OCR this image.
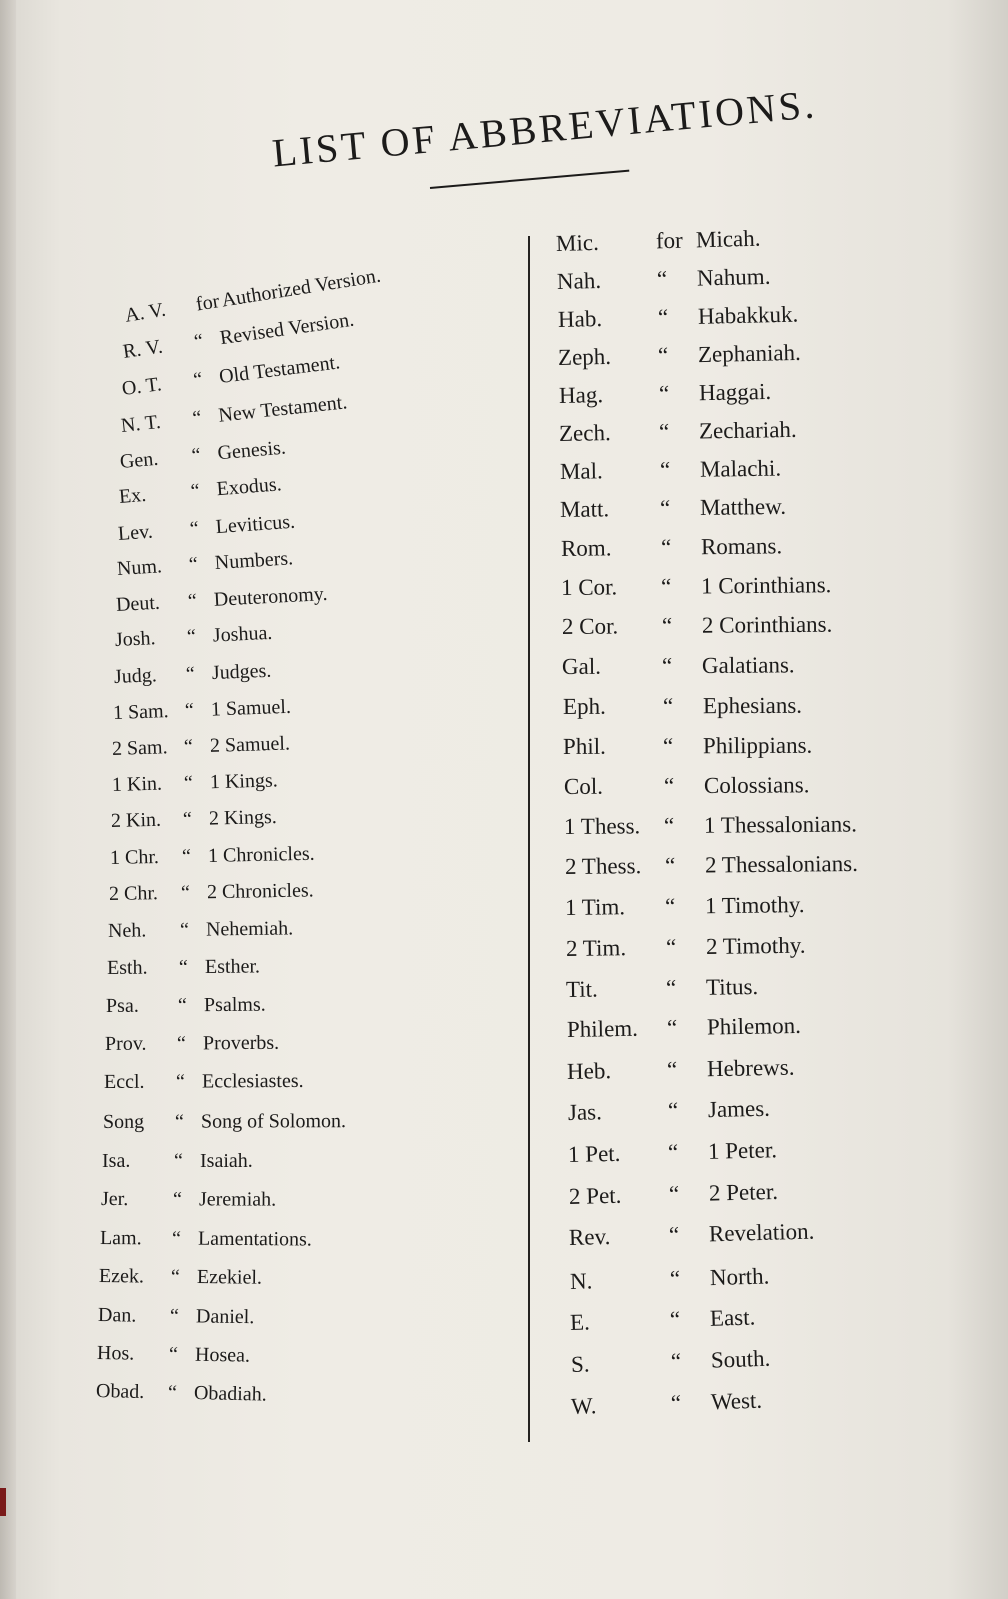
LIST OF ABBREVIATIONS.
A. V. for Authorized Version.
R. V. “ Revised Version.
O. T. “ Old Testament.
N. T. “ New Testament.
Gen. “ Genesis.
Ex. “ Exodus.
Lev. “ Leviticus.
Num. “ Numbers.
Deut. “ Deuteronomy.
Josh. “ Joshua.
Judg. “ Judges.
1 Sam. “ 1 Samuel.
2 Sam. “ 2 Samuel.
1 Kin. “ 1 Kings.
2 Kin. “ 2 Kings.
1 Chr. “ 1 Chronicles.
2 Chr. “ 2 Chronicles.
Neh. “ Nehemiah.
Esth. “ Esther.
Psa. “ Psalms.
Prov. “ Proverbs.
Eccl. “ Ecclesiastes.
Song “ Song of Solomon.
Isa. “ Isaiah.
Jer. “ Jeremiah.
Lam. “ Lamentations.
Ezek. “ Ezekiel.
Dan. “ Daniel.
Hos. “ Hosea.
Obad. “ Obadiah.
Mic. for Micah.
Nah. “ Nahum.
Hab. “ Habakkuk.
Zeph. “ Zephaniah.
Hag. “ Haggai.
Zech. “ Zechariah.
Mal. “ Malachi.
Matt. “ Matthew.
Rom. “ Romans.
1 Cor. “ 1 Corinthians.
2 Cor. “ 2 Corinthians.
Gal.	“ Galatians.
Eph. “ Ephesians.
Phil. “ Philippians.
Col.	“ Colossians.
1 Thess. “ 1 Thessalonians.
2 Thess. “ 2 Thessalonians.
1 Tim. “ 1 Timothy.
2 Tim. “ 2 Timothy.
Tit.	“ Titus.
Philem. “ Philemon.
Heb. “ Hebrews.
Jas.	“ James.
1 Pet. “ 1 Peter.
2 Pet. “ 2 Peter.
Rev.	“ Revelation.
N.	“ North.
E.	“ East.
S.	“ South.
W.	“ West.
